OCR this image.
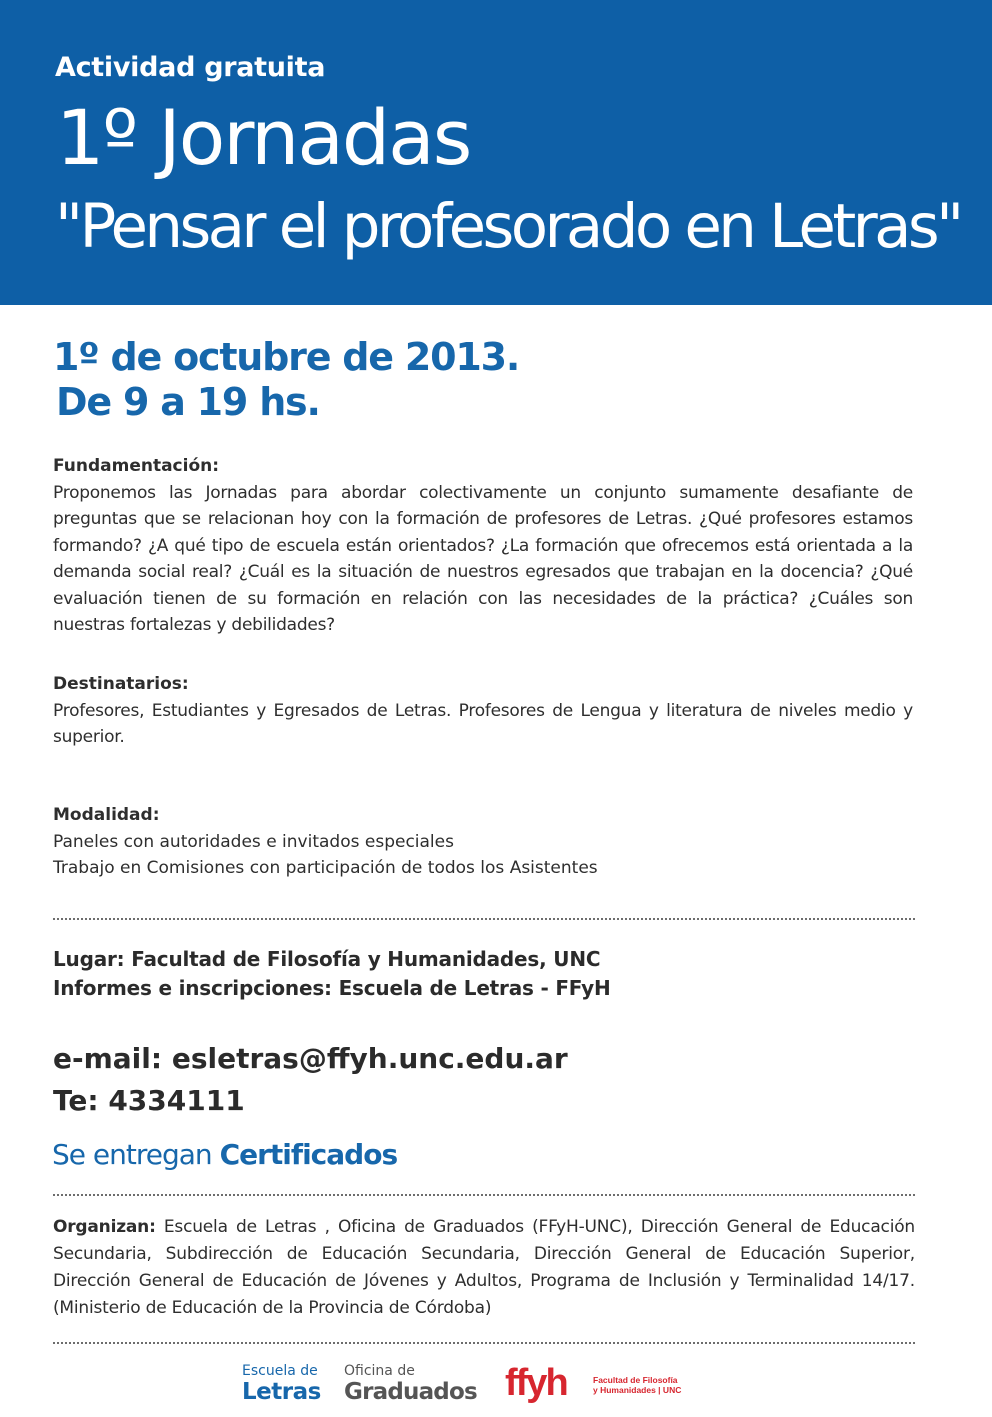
Actividad gratuita
1º Jornadas
"Pensar el profesorado en Letras"
1º de octubre de 2013.
De 9 a 19 hs.
Fundamentación:
Proponemos las Jornadas para abordar colectivamente un conjunto sumamente desafiante de preguntas que se relacionan hoy con la formación de profesores de Letras. ¿Qué profesores estamos formando? ¿A qué tipo de escuela están orientados? ¿La formación que ofrecemos está orientada a la demanda social real? ¿Cuál es la situación de nuestros egresados que trabajan en la docencia? ¿Qué evaluación tienen de su formación en relación con las necesidades de la práctica? ¿Cuáles son nuestras fortalezas y debilidades?
Destinatarios:
Profesores, Estudiantes y Egresados de Letras. Profesores de Lengua y literatura de niveles medio y superior.
Modalidad:
Paneles con autoridades e invitados especiales
Trabajo en Comisiones con participación de todos los Asistentes
Lugar: Facultad de Filosofía y Humanidades, UNC
Informes e inscripciones: Escuela de Letras - FFyH
e-mail: esletras@ffyh.unc.edu.ar
Te: 4334111
Se entregan Certificados
Organizan: Escuela de Letras , Oficina de Graduados (FFyH-UNC), Dirección General de Educación Secundaria, Subdirección de Educación Secundaria, Dirección General de Educación Superior, Dirección General de Educación de Jóvenes y Adultos, Programa de Inclusión y Terminalidad 14/17.(Ministerio de Educación de la Provincia de Córdoba)
Escuela de
Letras
Oficina de
Graduados ffyh	Facultad de Filosofía
y Humanidades | UNC
